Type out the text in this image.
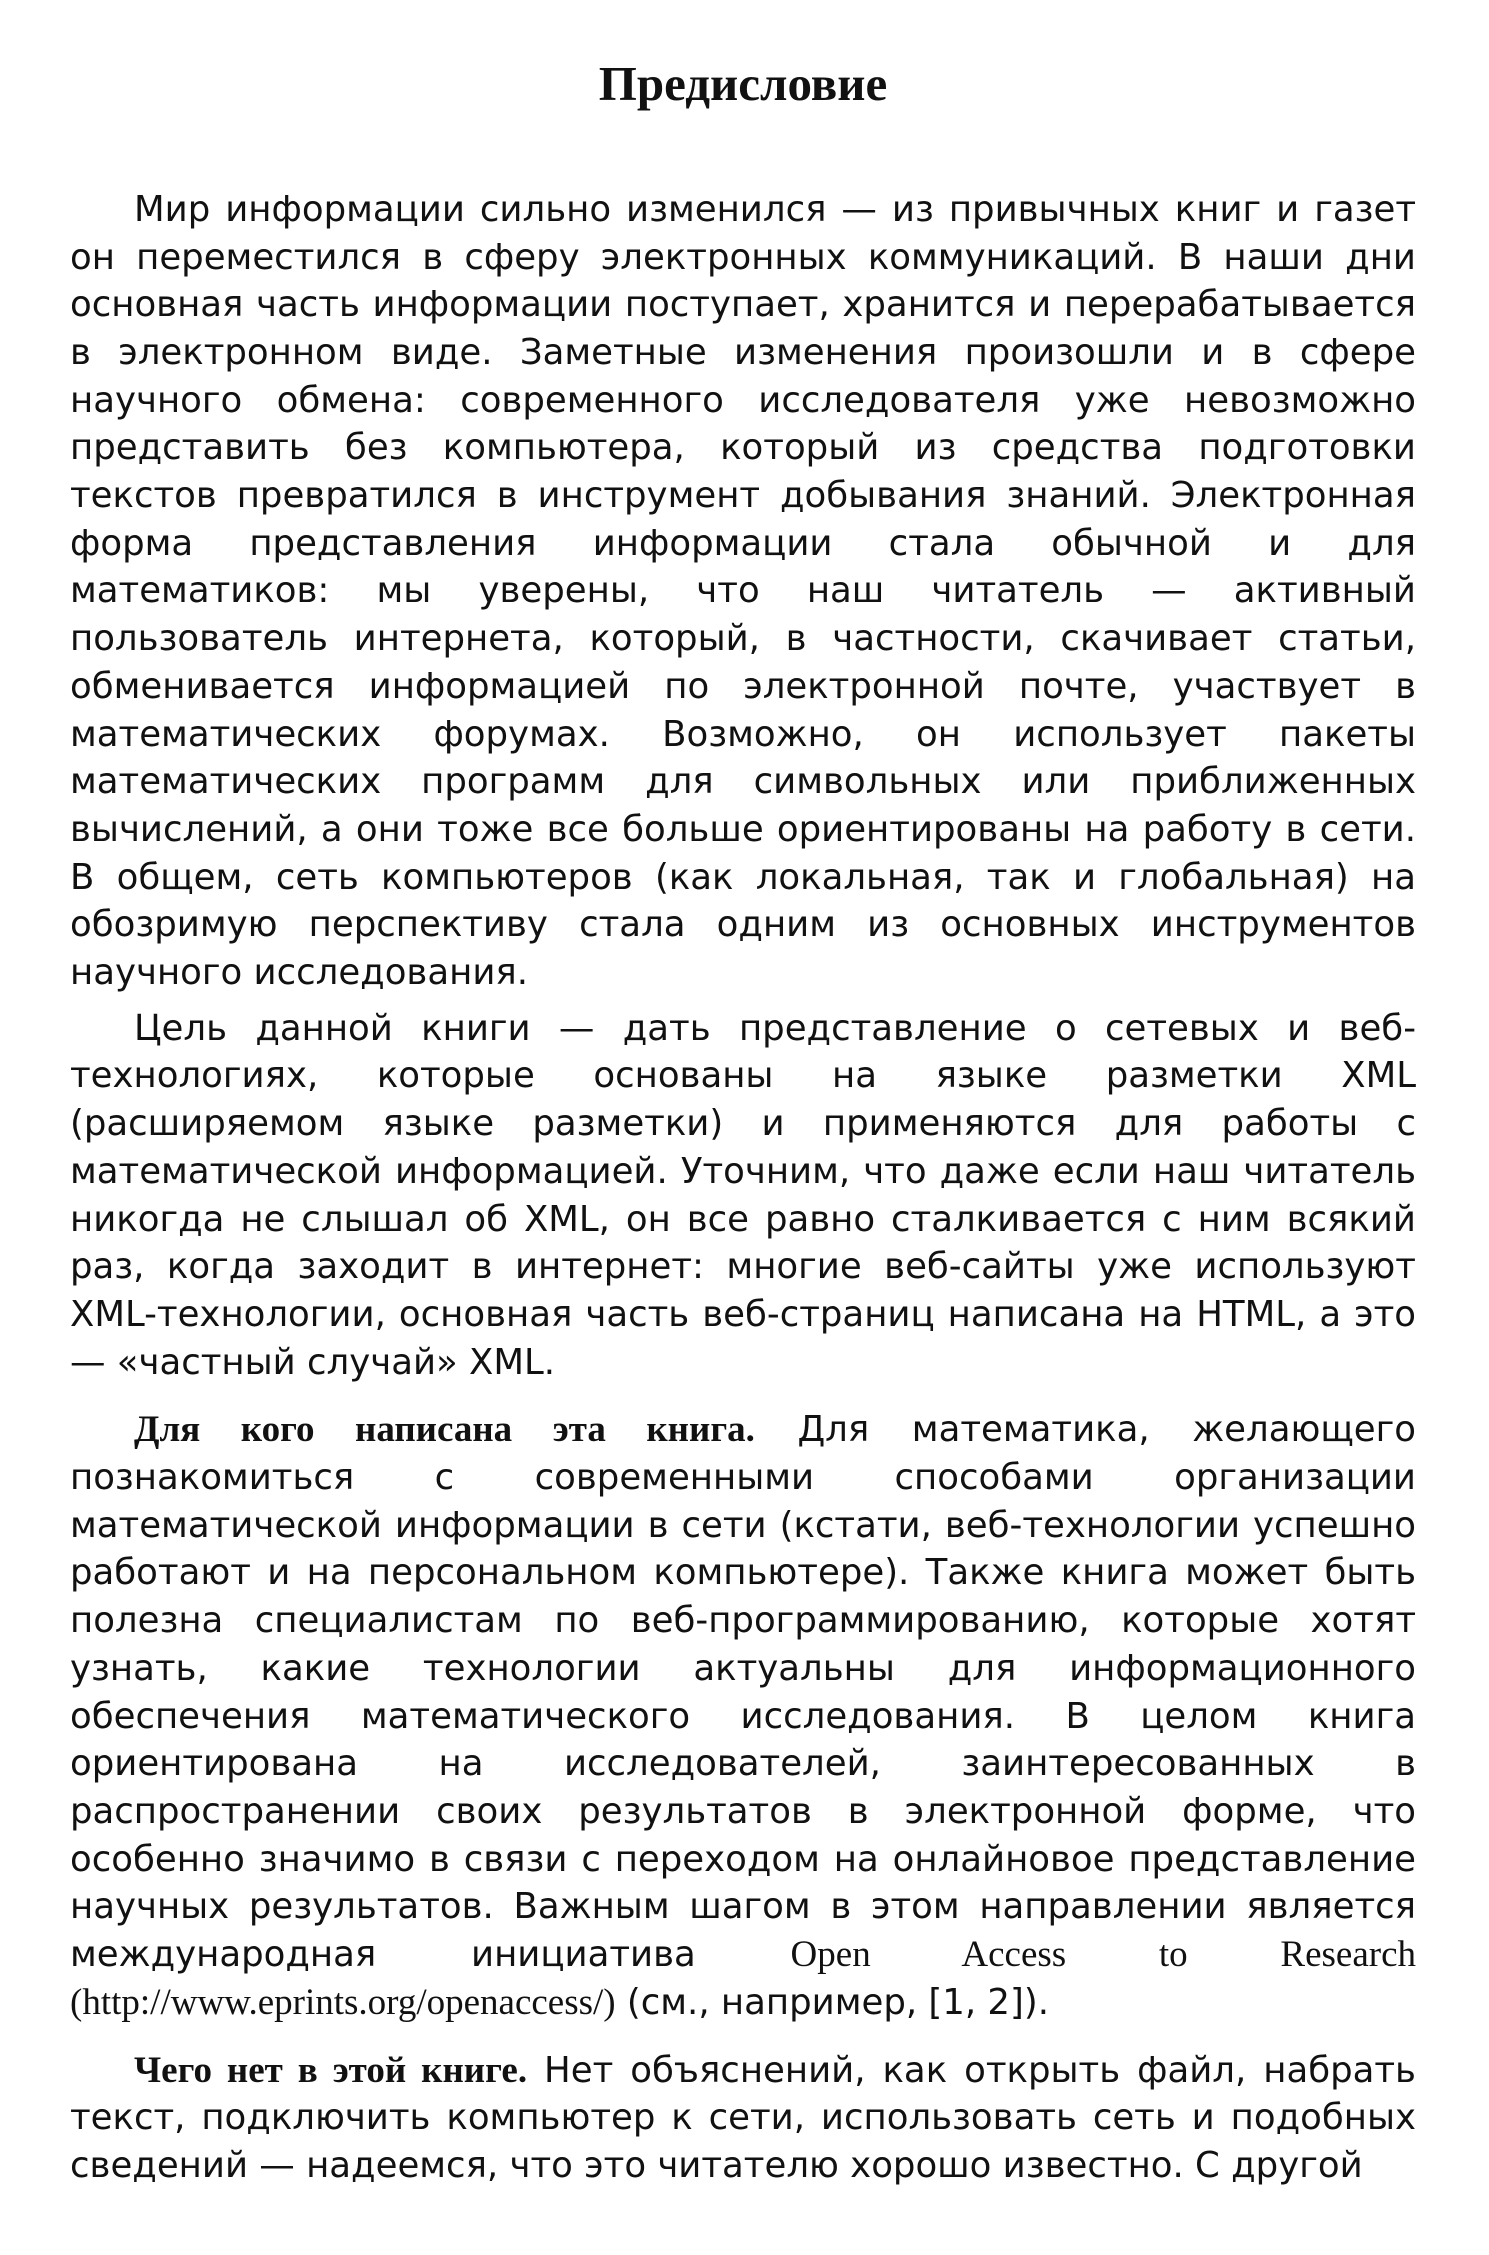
Предисловие

Мир информации сильно изменился — из привычных книг и газет он переместился в сферу электронных коммуникаций. В наши дни основная часть информации поступает, хранится и перерабатывается в электронном виде. Заметные изменения произошли и в сфере научного обмена: современного исследователя уже невозможно представить без компьютера, который из средства подготовки текстов превратился в инструмент добывания знаний. Электронная форма представления информации стала обычной и для математиков: мы уверены, что наш читатель — активный пользователь интернета, который, в частности, скачивает статьи, обменивается информацией по электронной почте, участвует в математических форумах. Возможно, он использует пакеты математических программ для символьных или приближенных вычислений, а они тоже все больше ориентированы на работу в сети. В общем, сеть компьютеров (как локальная, так и глобальная) на обозримую перспективу стала одним из основных инструментов научного исследования.

Цель данной книги — дать представление о сетевых и веб-технологиях, которые основаны на языке разметки XML (расширяемом языке разметки) и применяются для работы с математической информацией. Уточним, что даже если наш читатель никогда не слышал об XML, он все равно сталкивается с ним всякий раз, когда заходит в интернет: многие веб-сайты уже используют XML-технологии, основная часть веб-страниц написана на HTML, а это — «частный случай» XML.

Для кого написана эта книга. Для математика, желающего познакомиться с современными способами организации математической информации в сети (кстати, веб-технологии успешно работают и на персональном компьютере). Также книга может быть полезна специалистам по веб-программированию, которые хотят узнать, какие технологии актуальны для информационного обеспечения математического исследования. В целом книга ориентирована на исследователей, заинтересованных в распространении своих результатов в электронной форме, что особенно значимо в связи с переходом на онлайновое представление научных результатов. Важным шагом в этом направлении является международная инициатива Open Access to Research (http://www.eprints.org/openaccess/) (см., например, [1, 2]).

Чего нет в этой книге. Нет объяснений, как открыть файл, набрать текст, подключить компьютер к сети, использовать сеть и подобных сведений — надеемся, что это читателю хорошо известно. С другой
